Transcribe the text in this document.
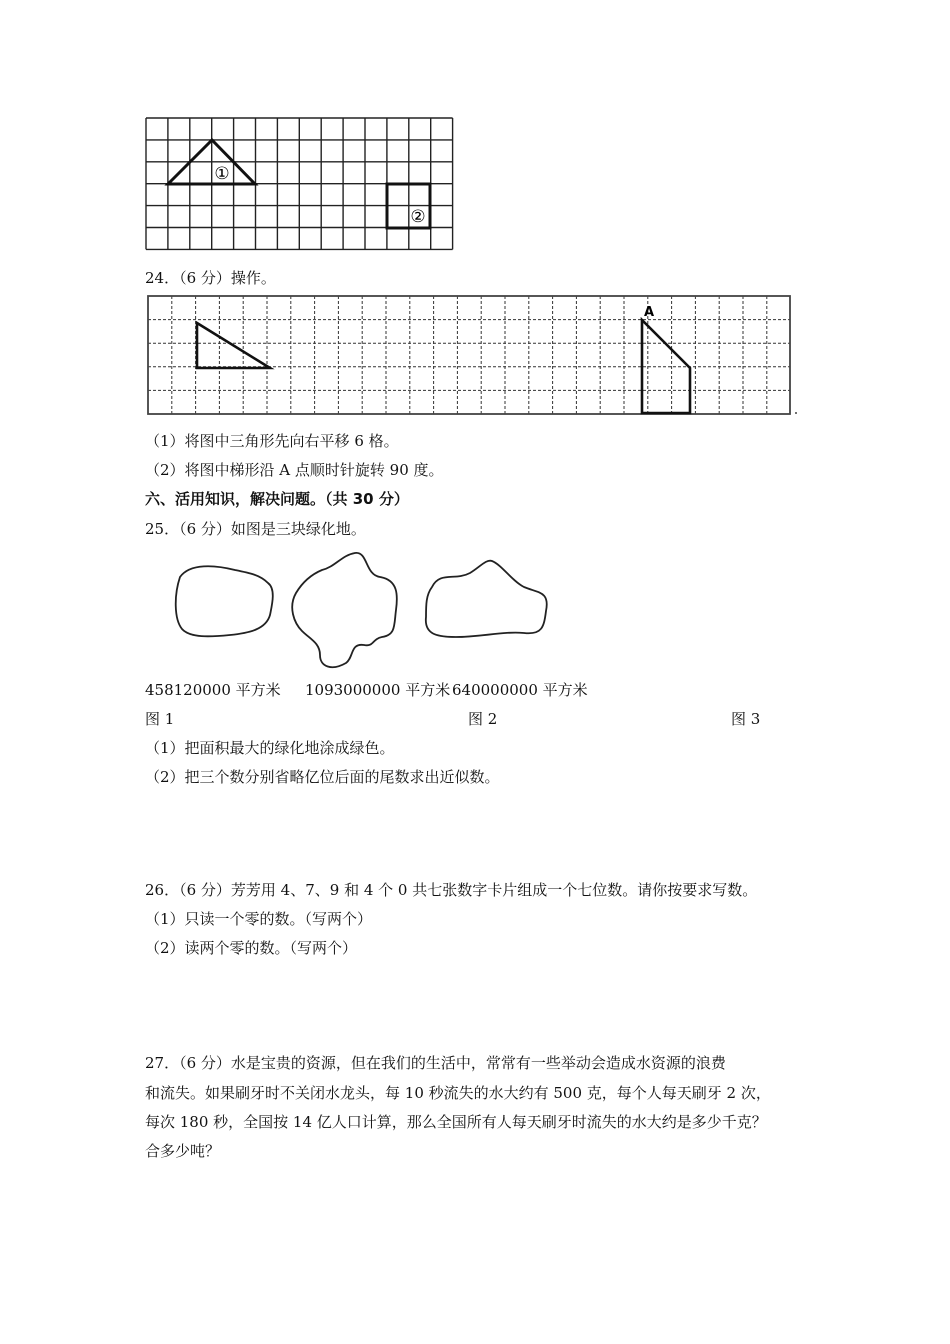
①
②
24．（6 分）操作。
A
（1）将图中三角形先向右平移 6 格。
（2）将图中梯形沿 A 点顺时针旋转 90 度。
六、活用知识，解决问题。（共 30 分）
25．（6 分）如图是三块绿化地。
458120000 平方米 1093000000 平方米 640000000 平方米
图 1	图 2	图 3
（1）把面积最大的绿化地涂成绿色。
（2）把三个数分别省略亿位后面的尾数求出近似数。
26．（6 分）芳芳用 4、7、9 和 4 个 0 共七张数字卡片组成一个七位数。请你按要求写数。
（1）只读一个零的数。（写两个）
（2）读两个零的数。（写两个）
27．（6 分）水是宝贵的资源，但在我们的生活中，常常有一些举动会造成水资源的浪费
和流失。如果刷牙时不关闭水龙头，每 10 秒流失的水大约有 500 克，每个人每天刷牙 2 次，
每次 180 秒，全国按 14 亿人口计算，那么全国所有人每天刷牙时流失的水大约是多少千克？
合多少吨？
